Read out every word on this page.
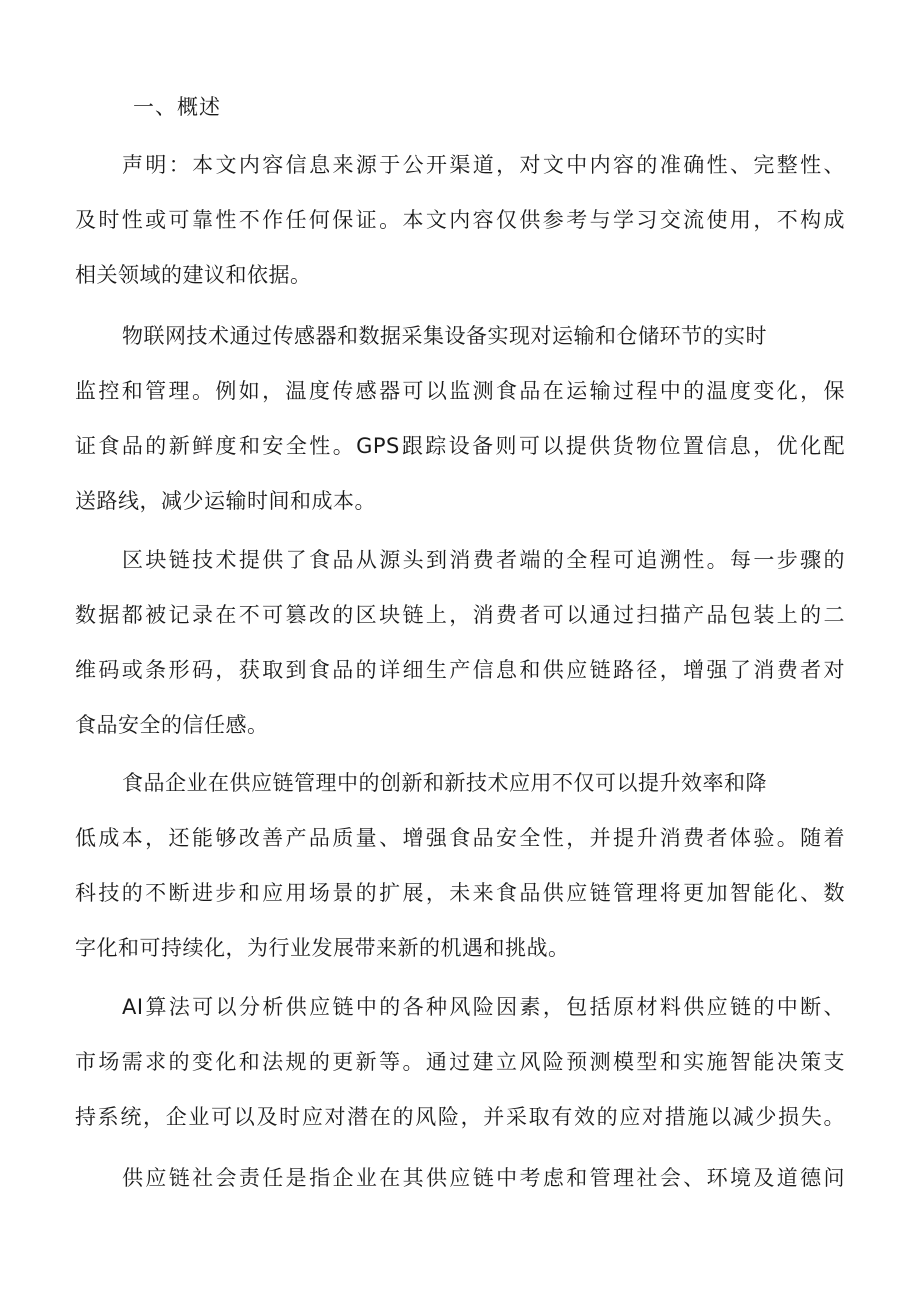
一、概述
声明：本文内容信息来源于公开渠道，对文中内容的准确性、完整性、
及时性或可靠性不作任何保证。本文内容仅供参考与学习交流使用，不构成
相关领域的建议和依据。
物联网技术通过传感器和数据采集设备实现对运输和仓储环节的实时
监控和管理。例如，温度传感器可以监测食品在运输过程中的温度变化，保
证食品的新鲜度和安全性。GPS跟踪设备则可以提供货物位置信息，优化配
送路线，减少运输时间和成本。
区块链技术提供了食品从源头到消费者端的全程可追溯性。每一步骤的
数据都被记录在不可篡改的区块链上，消费者可以通过扫描产品包装上的二
维码或条形码，获取到食品的详细生产信息和供应链路径，增强了消费者对
食品安全的信任感。
食品企业在供应链管理中的创新和新技术应用不仅可以提升效率和降
低成本，还能够改善产品质量、增强食品安全性，并提升消费者体验。随着
科技的不断进步和应用场景的扩展，未来食品供应链管理将更加智能化、数
字化和可持续化，为行业发展带来新的机遇和挑战。
AI算法可以分析供应链中的各种风险因素，包括原材料供应链的中断、
市场需求的变化和法规的更新等。通过建立风险预测模型和实施智能决策支
持系统，企业可以及时应对潜在的风险，并采取有效的应对措施以减少损失。
供应链社会责任是指企业在其供应链中考虑和管理社会、环境及道德问
